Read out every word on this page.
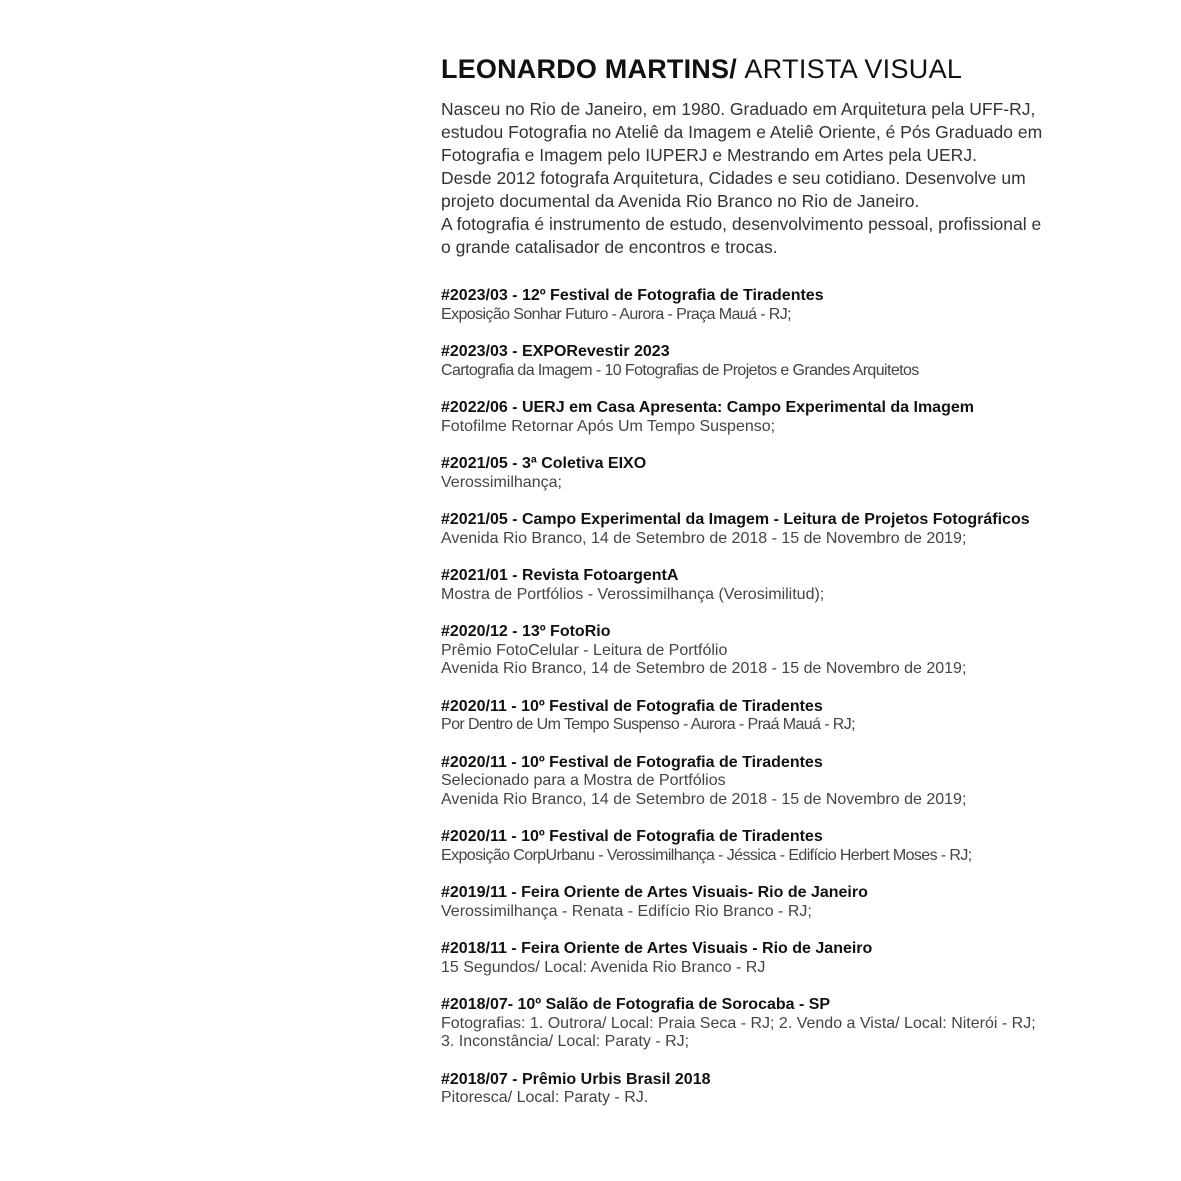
LEONARDO MARTINS/ ARTISTA VISUAL

Nasceu no Rio de Janeiro, em 1980. Graduado em Arquitetura pela UFF-RJ,

estudou Fotografia no Ateliê da Imagem e Ateliê Oriente, é Pós Graduado em

Fotografia e Imagem pelo IUPERJ e Mestrando em Artes pela UERJ.

Desde 2012 fotografa Arquitetura, Cidades e seu cotidiano. Desenvolve um

projeto documental da Avenida Rio Branco no Rio de Janeiro.

A fotografia é instrumento de estudo, desenvolvimento pessoal, profissional e

o grande catalisador de encontros e trocas.

#2023/03 - 12º Festival de Fotografia de Tiradentes
Exposição Sonhar Futuro - Aurora - Praça Mauá - RJ;
#2023/03 - EXPORevestir 2023
Cartografia da Imagem - 10 Fotografias de Projetos e Grandes Arquitetos
#2022/06 - UERJ em Casa Apresenta: Campo Experimental da Imagem
Fotofilme Retornar Após Um Tempo Suspenso;
#2021/05 - 3ª Coletiva EIXO
Verossimilhança;
#2021/05 - Campo Experimental da Imagem - Leitura de Projetos Fotográficos
Avenida Rio Branco, 14 de Setembro de 2018 - 15 de Novembro de 2019;
#2021/01 - Revista FotoargentA
Mostra de Portfólios - Verossimilhança (Verosimilitud);
#2020/12 - 13º FotoRio
Prêmio FotoCelular - Leitura de Portfólio
Avenida Rio Branco, 14 de Setembro de 2018 - 15 de Novembro de 2019;
#2020/11 - 10º Festival de Fotografia de Tiradentes
Por Dentro de Um Tempo Suspenso - Aurora - Praá Mauá - RJ;
#2020/11 - 10º Festival de Fotografia de Tiradentes
Selecionado para a Mostra de Portfólios
Avenida Rio Branco, 14 de Setembro de 2018 - 15 de Novembro de 2019;
#2020/11 - 10º Festival de Fotografia de Tiradentes
Exposição CorpUrbanu - Verossimilhança - Jéssica - Edifício Herbert Moses - RJ;
#2019/11 - Feira Oriente de Artes Visuais- Rio de Janeiro
Verossimilhança - Renata - Edifício Rio Branco - RJ;
#2018/11 - Feira Oriente de Artes Visuais - Rio de Janeiro
15 Segundos/ Local: Avenida Rio Branco - RJ
#2018/07- 10º Salão de Fotografia de Sorocaba - SP
Fotografias: 1. Outrora/ Local: Praia Seca - RJ; 2. Vendo a Vista/ Local: Niterói - RJ;
3. Inconstância/ Local: Paraty - RJ;
#2018/07 - Prêmio Urbis Brasil 2018
Pitoresca/ Local: Paraty - RJ.
